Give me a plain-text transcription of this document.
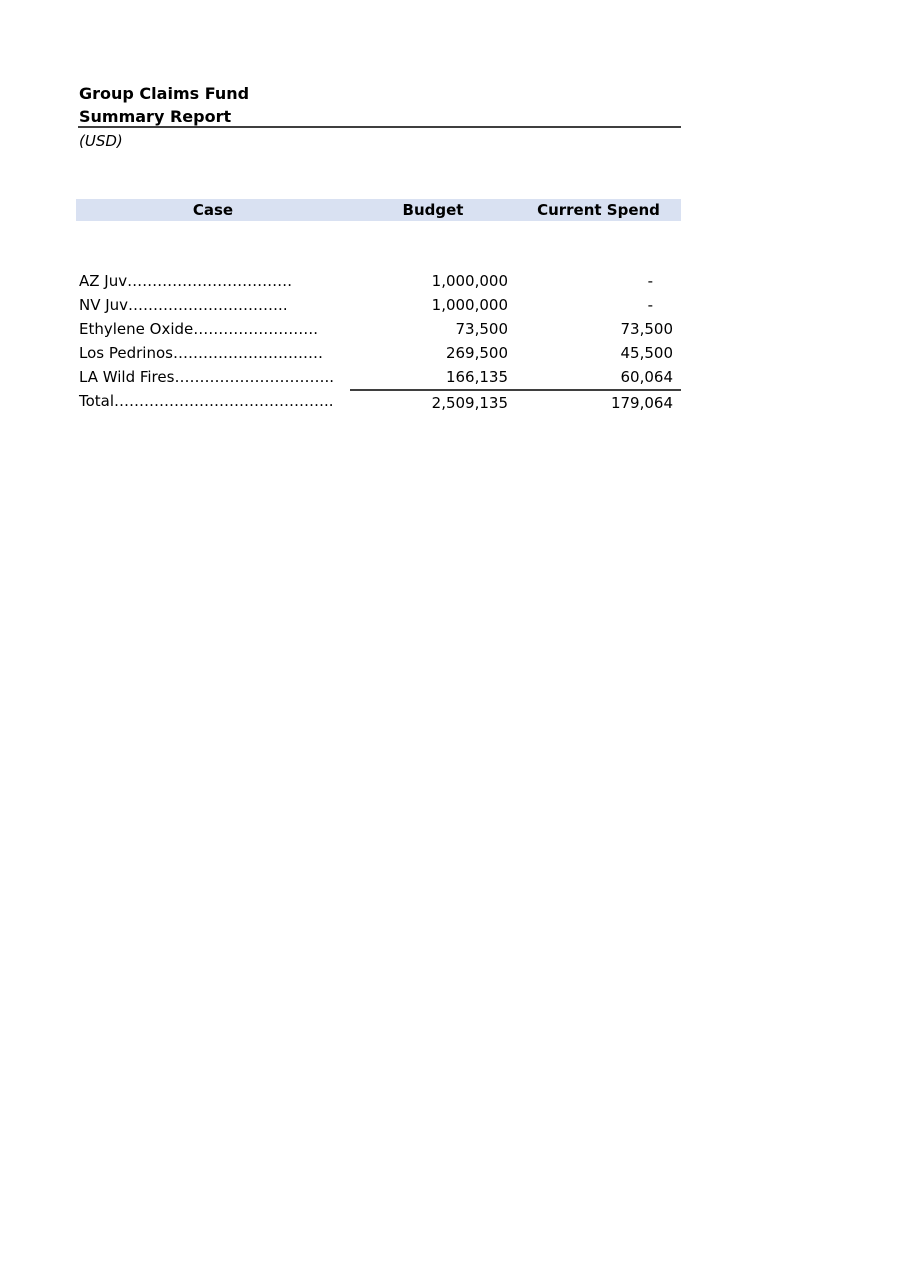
Group Claims Fund
Summary Report
(USD)
Case	Budget	Current Spend
AZ Juv……………………………	1,000,000	-
NV Juv…………………………..	1,000,000	-
Ethylene Oxide…………………….	73,500	73,500
Los Pedrinos…………………………	269,500	45,500
LA Wild Fires…………………………..	166,135	60,064
Total……………………………………..	2,509,135	179,064
